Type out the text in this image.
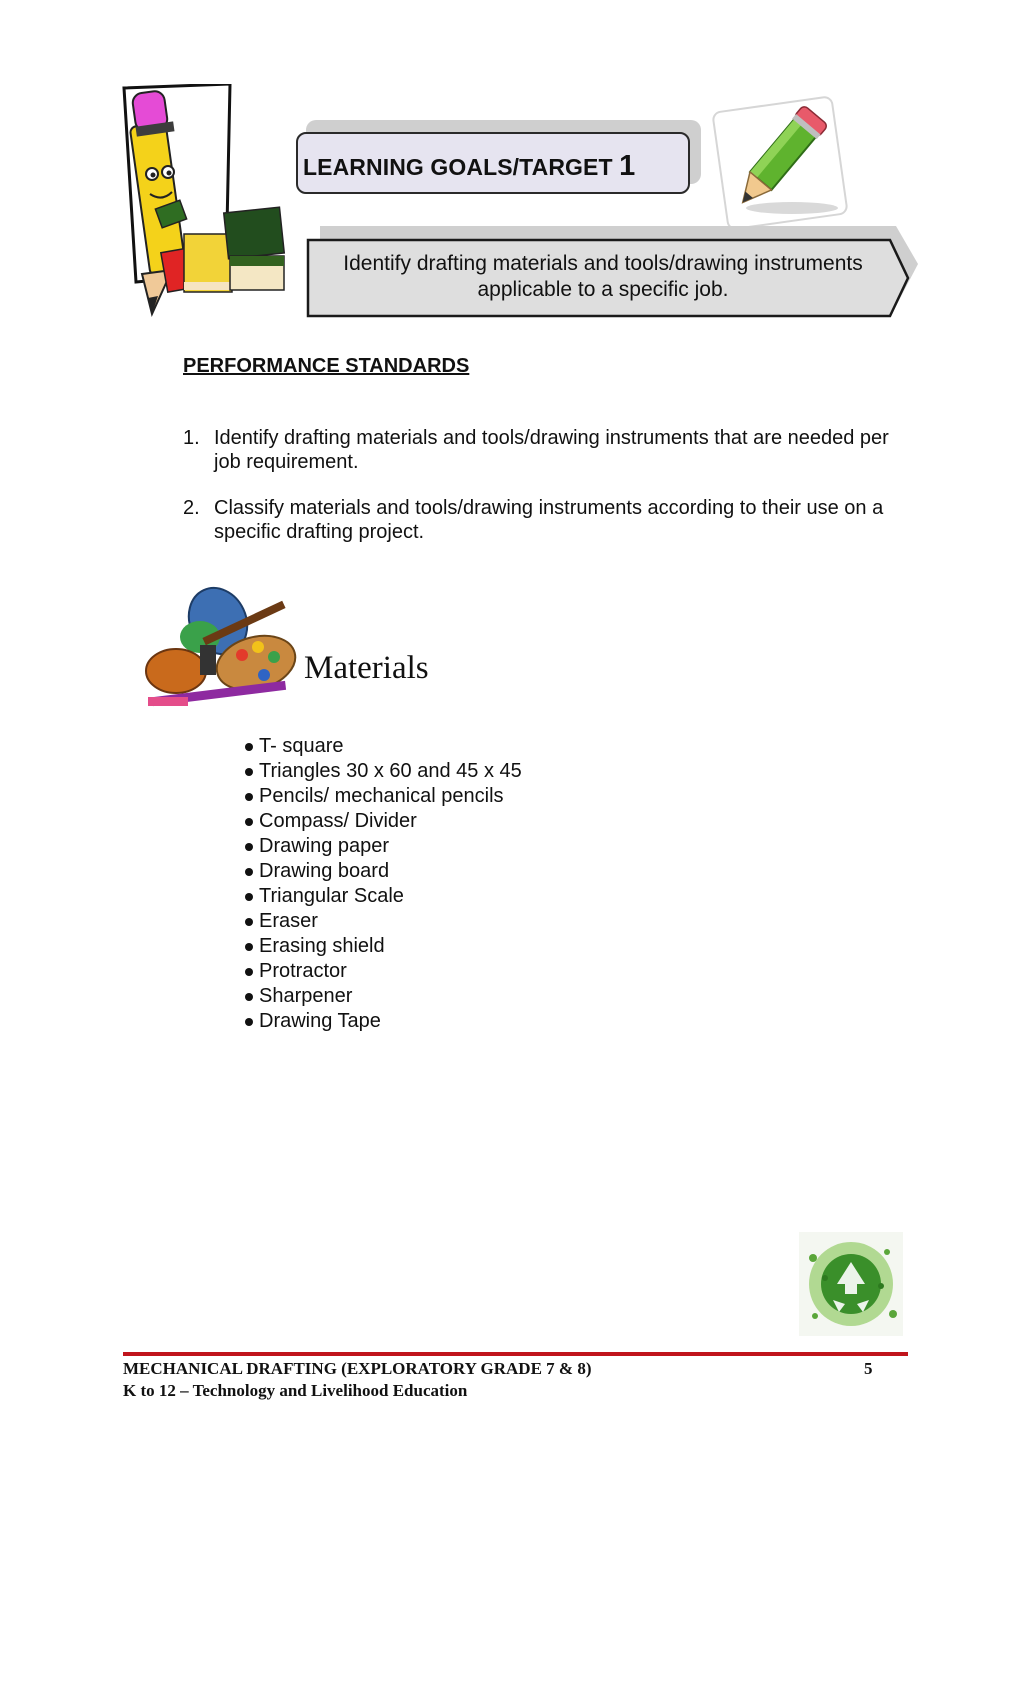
LEARNING GOALS/TARGET 1
Identify drafting materials and tools/drawing instruments
applicable to a specific job.
PERFORMANCE STANDARDS
1. Identify drafting materials and tools/drawing instruments that are needed per job requirement.
2. Classify materials and tools/drawing instruments according to their use on a specific drafting project.
Materials
T- square
Triangles 30 x 60 and 45 x 45
Pencils/ mechanical pencils
Compass/ Divider
Drawing paper
Drawing board
Triangular Scale
Eraser
Erasing shield
Protractor
Sharpener
Drawing Tape
MECHANICAL DRAFTING (EXPLORATORY GRADE 7 & 8)
K to 12 – Technology and Livelihood Education
5
